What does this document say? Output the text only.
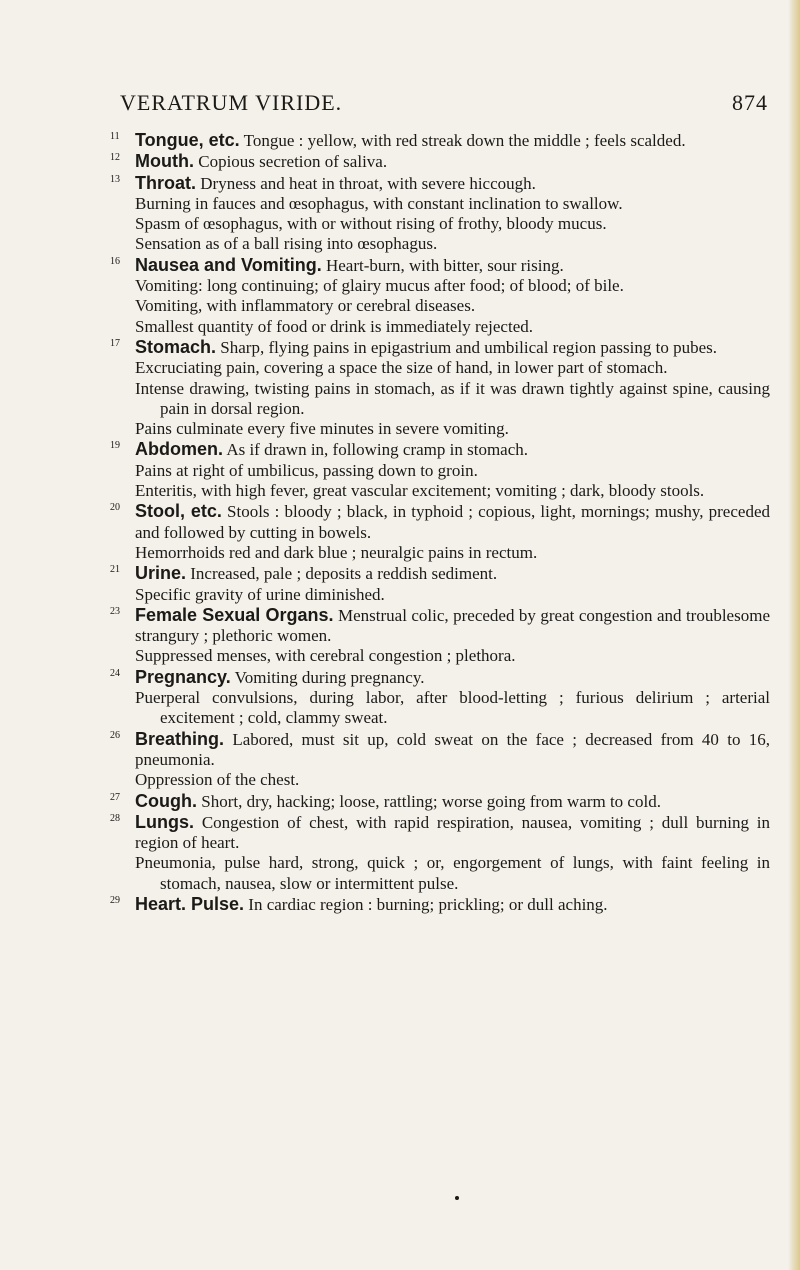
VERATRUM VIRIDE.	874
11 Tongue, etc. Tongue : yellow, with red streak down the middle ; feels scalded.
12 Mouth. Copious secretion of saliva.
13 Throat. Dryness and heat in throat, with severe hiccough.
Burning in fauces and œsophagus, with constant inclination to swallow.
Spasm of œsophagus, with or without rising of frothy, bloody mucus.
Sensation as of a ball rising into œsophagus.
16 Nausea and Vomiting. Heart-burn, with bitter, sour rising.
Vomiting: long continuing; of glairy mucus after food; of blood; of bile.
Vomiting, with inflammatory or cerebral diseases.
Smallest quantity of food or drink is immediately rejected.
17 Stomach. Sharp, flying pains in epigastrium and umbilical region passing to pubes.
Excruciating pain, covering a space the size of hand, in lower part of stomach.
Intense drawing, twisting pains in stomach, as if it was drawn tightly against spine, causing pain in dorsal region.
Pains culminate every five minutes in severe vomiting.
19 Abdomen. As if drawn in, following cramp in stomach.
Pains at right of umbilicus, passing down to groin.
Enteritis, with high fever, great vascular excitement; vomiting ; dark, bloody stools.
20 Stool, etc. Stools : bloody ; black, in typhoid ; copious, light, mornings; mushy, preceded and followed by cutting in bowels.
Hemorrhoids red and dark blue ; neuralgic pains in rectum.
21 Urine. Increased, pale ; deposits a reddish sediment.
Specific gravity of urine diminished.
23 Female Sexual Organs. Menstrual colic, preceded by great congestion and troublesome strangury ; plethoric women.
Suppressed menses, with cerebral congestion ; plethora.
24 Pregnancy. Vomiting during pregnancy.
Puerperal convulsions, during labor, after blood-letting ; furious delirium ; arterial excitement ; cold, clammy sweat.
26 Breathing. Labored, must sit up, cold sweat on the face ; decreased from 40 to 16, pneumonia.
Oppression of the chest.
27 Cough. Short, dry, hacking; loose, rattling; worse going from warm to cold.
28 Lungs. Congestion of chest, with rapid respiration, nausea, vomiting ; dull burning in region of heart.
Pneumonia, pulse hard, strong, quick ; or, engorgement of lungs, with faint feeling in stomach, nausea, slow or intermittent pulse.
29 Heart. Pulse. In cardiac region : burning; prickling; or dull aching.
